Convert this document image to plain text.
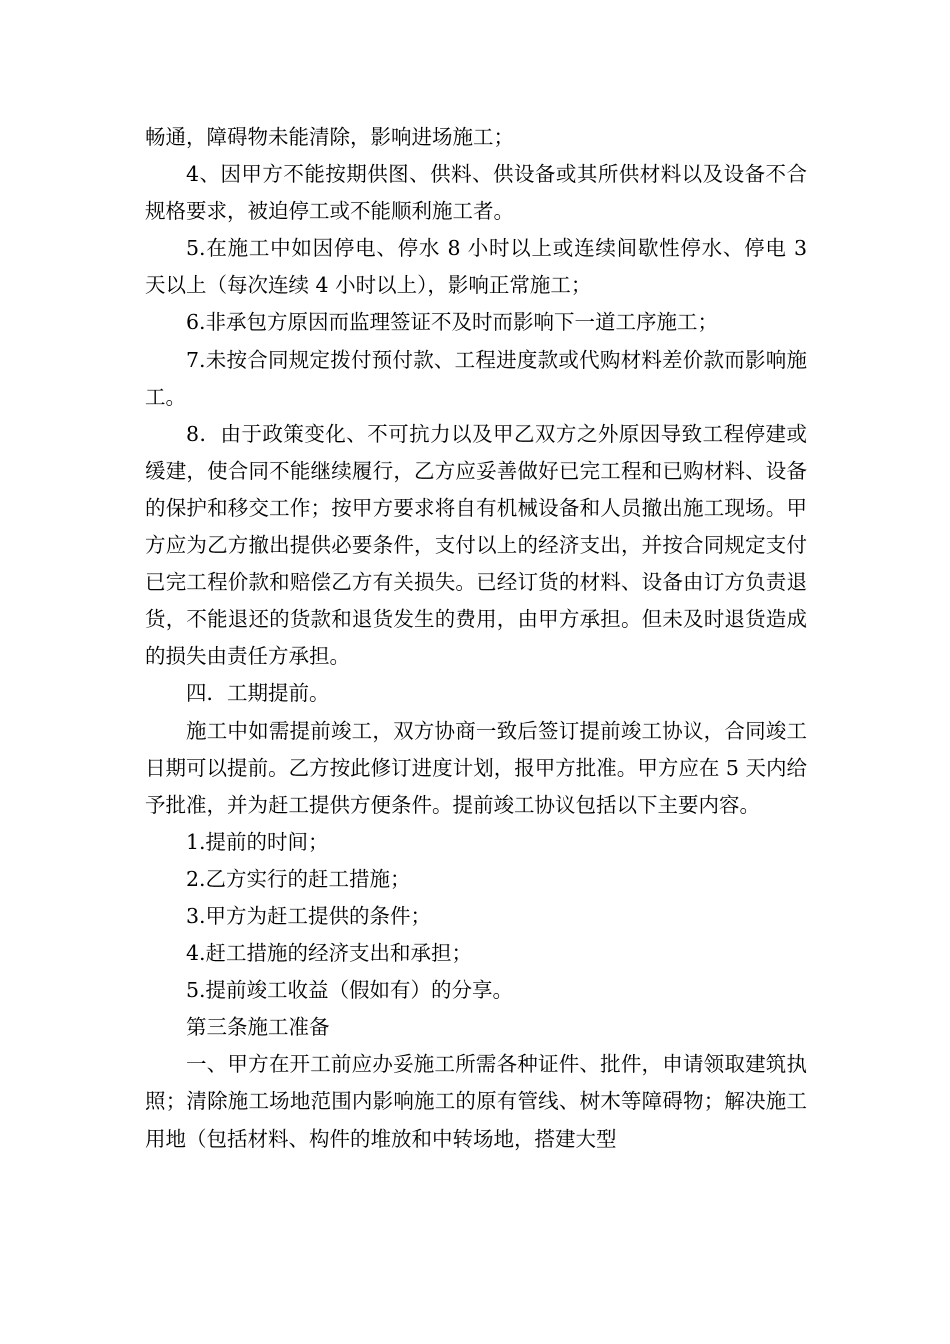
畅通，障碍物未能清除，影响进场施工；

4、因甲方不能按期供图、供料、供设备或其所供材料以及设备不合规格要求，被迫停工或不能顺利施工者。

5.在施工中如因停电、停水 8 小时以上或连续间歇性停水、停电 3 天以上（每次连续 4 小时以上），影响正常施工；

6.非承包方原因而监理签证不及时而影响下一道工序施工；

7.未按合同规定拨付预付款、工程进度款或代购材料差价款而影响施工。

8．由于政策变化、不可抗力以及甲乙双方之外原因导致工程停建或缓建，使合同不能继续履行，乙方应妥善做好已完工程和已购材料、设备的保护和移交工作；按甲方要求将自有机械设备和人员撤出施工现场。甲方应为乙方撤出提供必要条件，支付以上的经济支出，并按合同规定支付已完工程价款和赔偿乙方有关损失。已经订货的材料、设备由订方负责退货，不能退还的货款和退货发生的费用，由甲方承担。但未及时退货造成的损失由责任方承担。

四．工期提前。

施工中如需提前竣工，双方协商一致后签订提前竣工协议，合同竣工日期可以提前。乙方按此修订进度计划，报甲方批准。甲方应在 5 天内给予批准，并为赶工提供方便条件。提前竣工协议包括以下主要内容。

1.提前的时间；

2.乙方实行的赶工措施；

3.甲方为赶工提供的条件；

4.赶工措施的经济支出和承担；

5.提前竣工收益（假如有）的分享。

第三条施工准备

一、甲方在开工前应办妥施工所需各种证件、批件，申请领取建筑执照；清除施工场地范围内影响施工的原有管线、树木等障碍物；解决施工用地（包括材料、构件的堆放和中转场地，搭建大型
